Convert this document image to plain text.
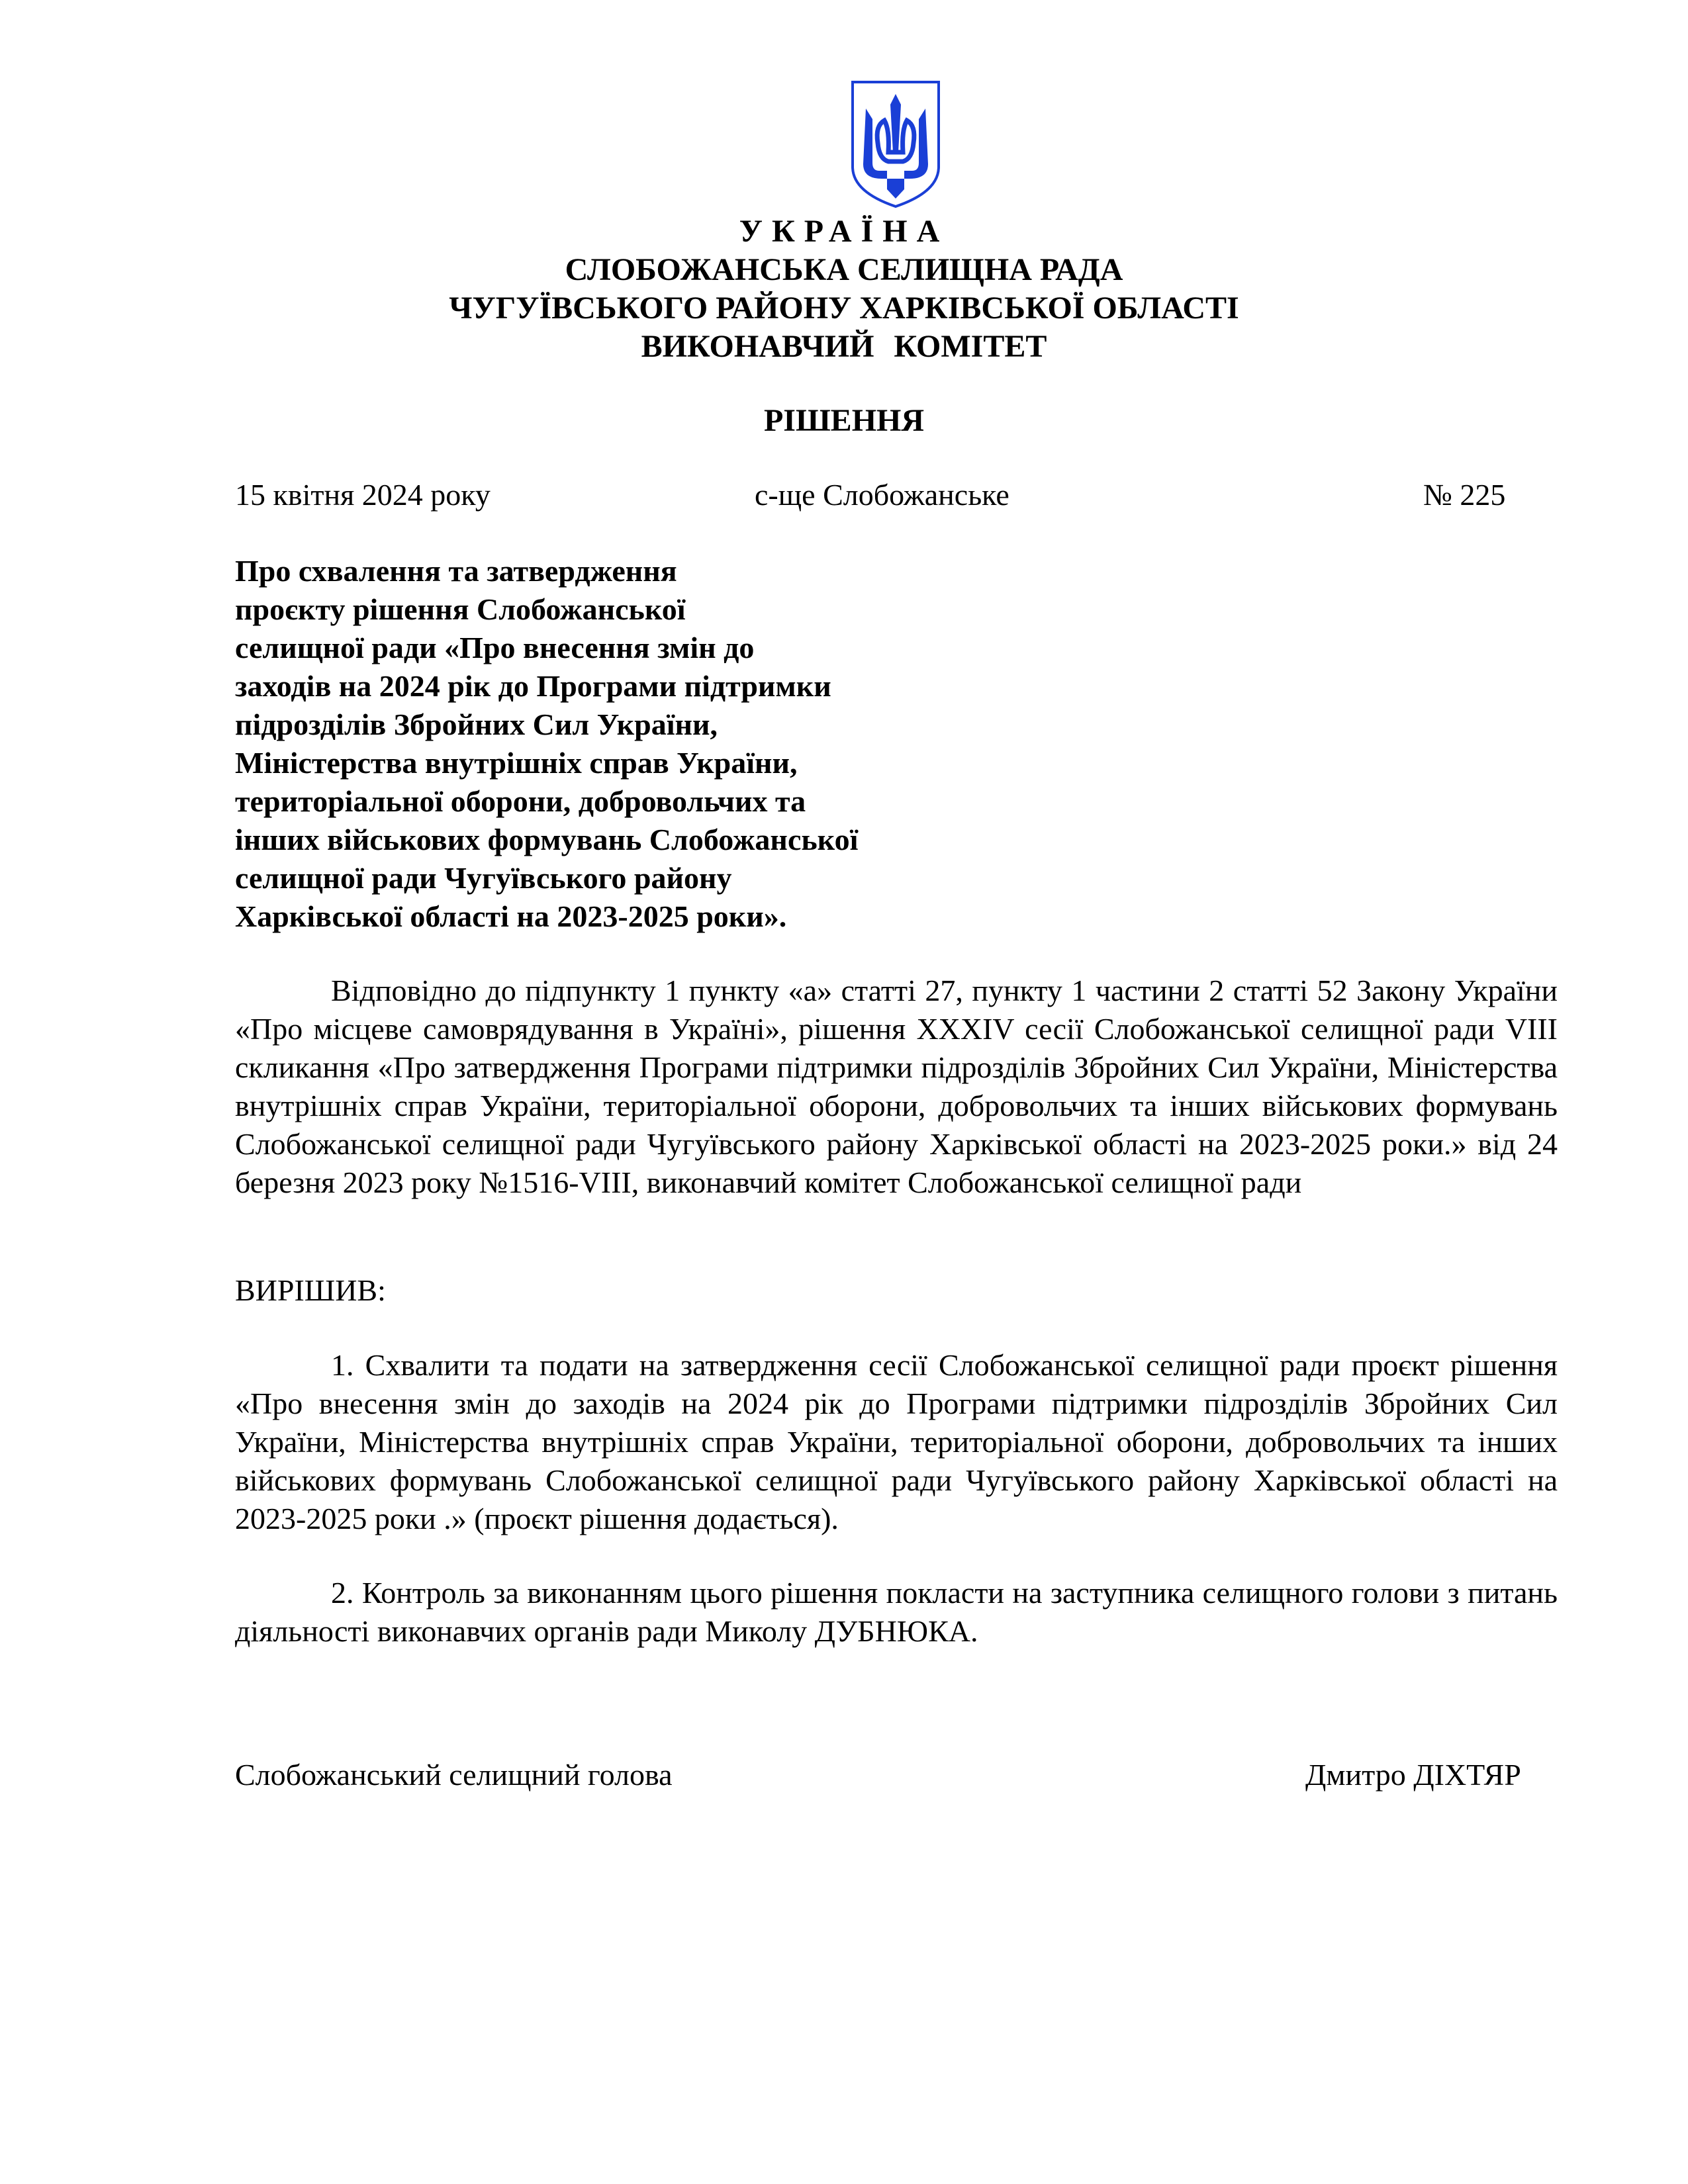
УКРАЇНА
СЛОБОЖАНСЬКА СЕЛИЩНА РАДА
ЧУГУЇВСЬКОГО РАЙОНУ ХАРКІВСЬКОЇ ОБЛАСТІ
ВИКОНАВЧИЙ КОМІТЕТ
РІШЕННЯ
15 квітня 2024 року	с-ще Слобожанське	№ 225
Про схвалення та затвердження
проєкту рішення Слобожанської
селищної ради «Про внесення змін до
заходів на 2024 рік до Програми підтримки
підрозділів Збройних Сил України,
Міністерства внутрішніх справ України,
територіальної оборони, добровольчих та
інших військових формувань Слобожанської
селищної ради Чугуївського району
Харківської області на 2023-2025 роки».

Відповідно до підпункту 1 пункту «а» статті 27, пункту 1 частини 2 статті 52 Закону України «Про місцеве самоврядування в Україні», рішення XXXIV сесії Слобожанської селищної ради VIII скликання «Про затвердження Програми підтримки підрозділів Збройних Сил України, Міністерства внутрішніх справ України, територіальної оборони, добровольчих та інших військових формувань Слобожанської селищної ради Чугуївського району Харківської області на 2023-2025 роки.» від 24 березня 2023 року №1516-VIII, виконавчий комітет Слобожанської селищної ради

ВИРІШИВ:

1. Схвалити та подати на затвердження сесії Слобожанської селищної ради проєкт рішення «Про внесення змін до заходів на 2024 рік до Програми підтримки підрозділів Збройних Сил України, Міністерства внутрішніх справ України, територіальної оборони, добровольчих та інших військових формувань Слобожанської селищної ради Чугуївського району Харківської області на 2023-2025 роки .» (проєкт рішення додається).

2. Контроль за виконанням цього рішення покласти на заступника селищного голови з питань діяльності виконавчих органів ради Миколу ДУБНЮКА.

Слобожанський селищний голова	Дмитро ДІХТЯР
